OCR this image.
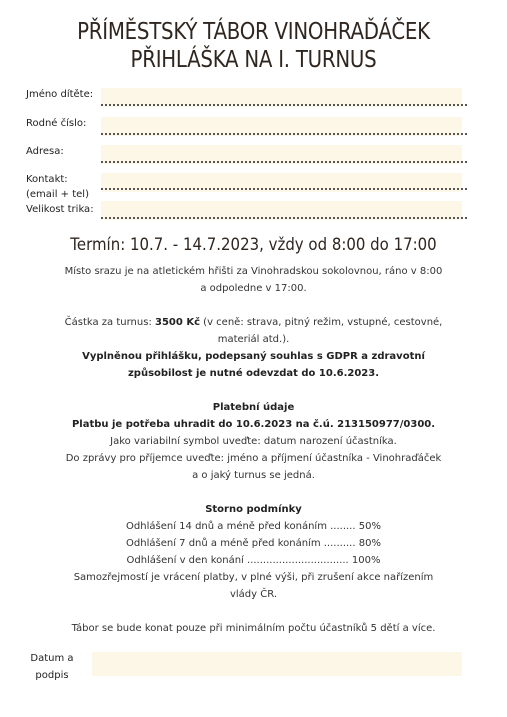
PŘÍMĚSTSKÝ TÁBOR VINOHRAĎÁČEK
PŘIHLÁŠKA NA I. TURNUS
Jméno dítěte:
Rodné číslo:
Adresa:
Kontakt:
(email + tel)
Velikost trika:
Termín: 10.7. - 14.7.2023, vždy od 8:00 do 17:00
Místo srazu je na atletickém hřišti za Vinohradskou sokolovnou, ráno v 8:00
a odpoledne v 17:00.
Částka za turnus: 3500 Kč (v ceně: strava, pitný režim, vstupné, cestovné,
materiál atd.).
Vyplněnou přihlášku, podepsaný souhlas s GDPR a zdravotní
způsobilost je nutné odevzdat do 10.6.2023.
Platební údaje
Platbu je potřeba uhradit do 10.6.2023 na č.ú. 213150977/0300.
Jako variabilní symbol uveďte: datum narození účastníka.
Do zprávy pro příjemce uveďte: jméno a příjmení účastníka - Vinohraďáček
a o jaký turnus se jedná.
Storno podmínky
Odhlášení 14 dnů a méně před konáním ........ 50%
Odhlášení 7 dnů a méně před konáním .......... 80%
Odhlášení v den konání ................................ 100%
Samozřejmostí je vrácení platby, v plné výši, při zrušení akce nařízením
vlády ČR.
Tábor se bude konat pouze při minimálním počtu účastníků 5 dětí a více.
Datum a
podpis
